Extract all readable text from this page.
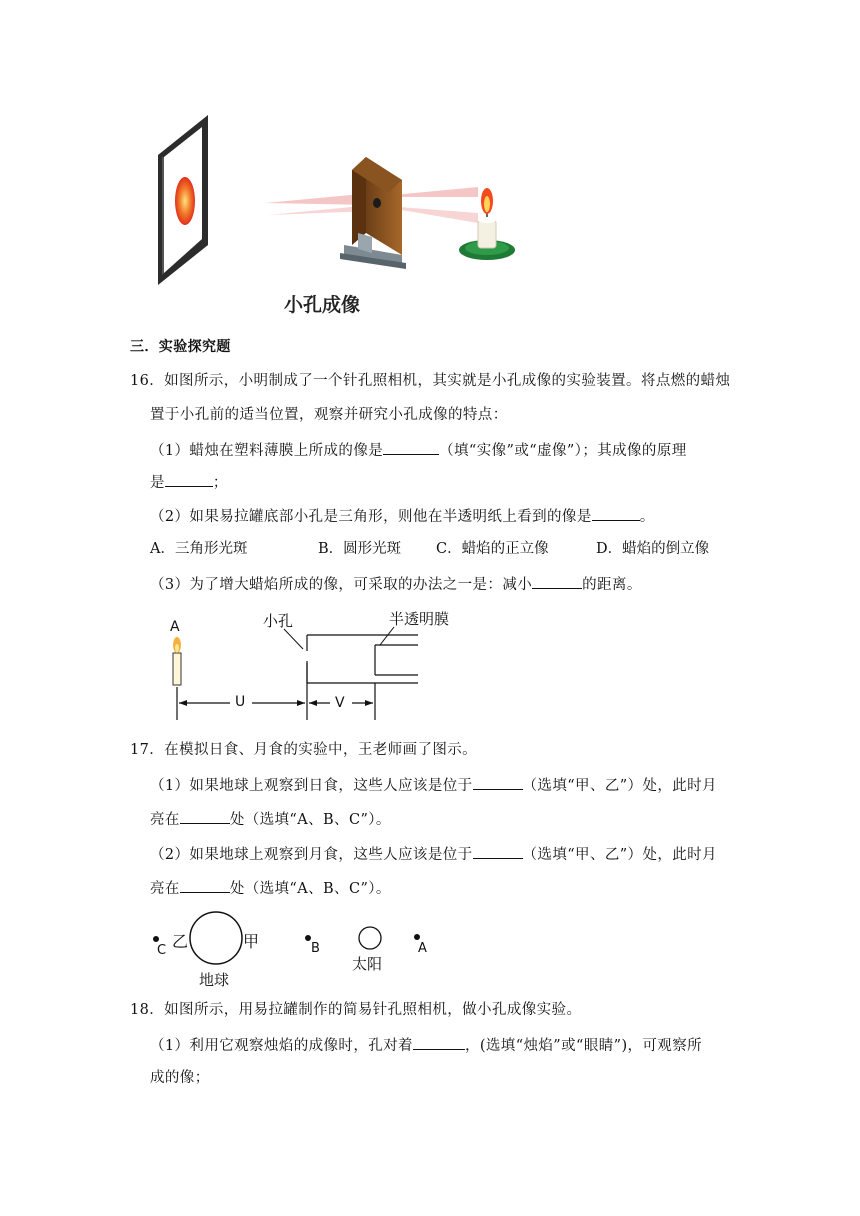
小孔成像
三．实验探究题
16．如图所示，小明制成了一个针孔照相机，其实就是小孔成像的实验装置。将点燃的蜡烛
置于小孔前的适当位置，观察并研究小孔成像的特点：
（1）蜡烛在塑料薄膜上所成的像是	（填“实像”或“虚像”）；其成像的原理
是	；
（2）如果易拉罐底部小孔是三角形，则他在半透明纸上看到的像是	。
A．三角形光斑	B．圆形光斑 C．蜡焰的正立像	D．蜡焰的倒立像
（3）为了增大蜡焰所成的像，可采取的办法之一是：减小	的距离。
A	小孔	半透明膜
U	V
17．在模拟日食、月食的实验中，王老师画了图示。
（1）如果地球上观察到日食，这些人应该是位于	（选填“甲、乙”）处，此时月
亮在	处（选填“A、B、C”）。
（2）如果地球上观察到月食，这些人应该是位于	（选填“甲、乙”）处，此时月
亮在	处（选填“A、B、C”）。
C 乙	甲
地球
B
太阳
A
18．如图所示，用易拉罐制作的简易针孔照相机，做小孔成像实验。
（1）利用它观察烛焰的成像时，孔对着	，(选填“烛焰”或“眼睛”)，可观察所
成的像；
